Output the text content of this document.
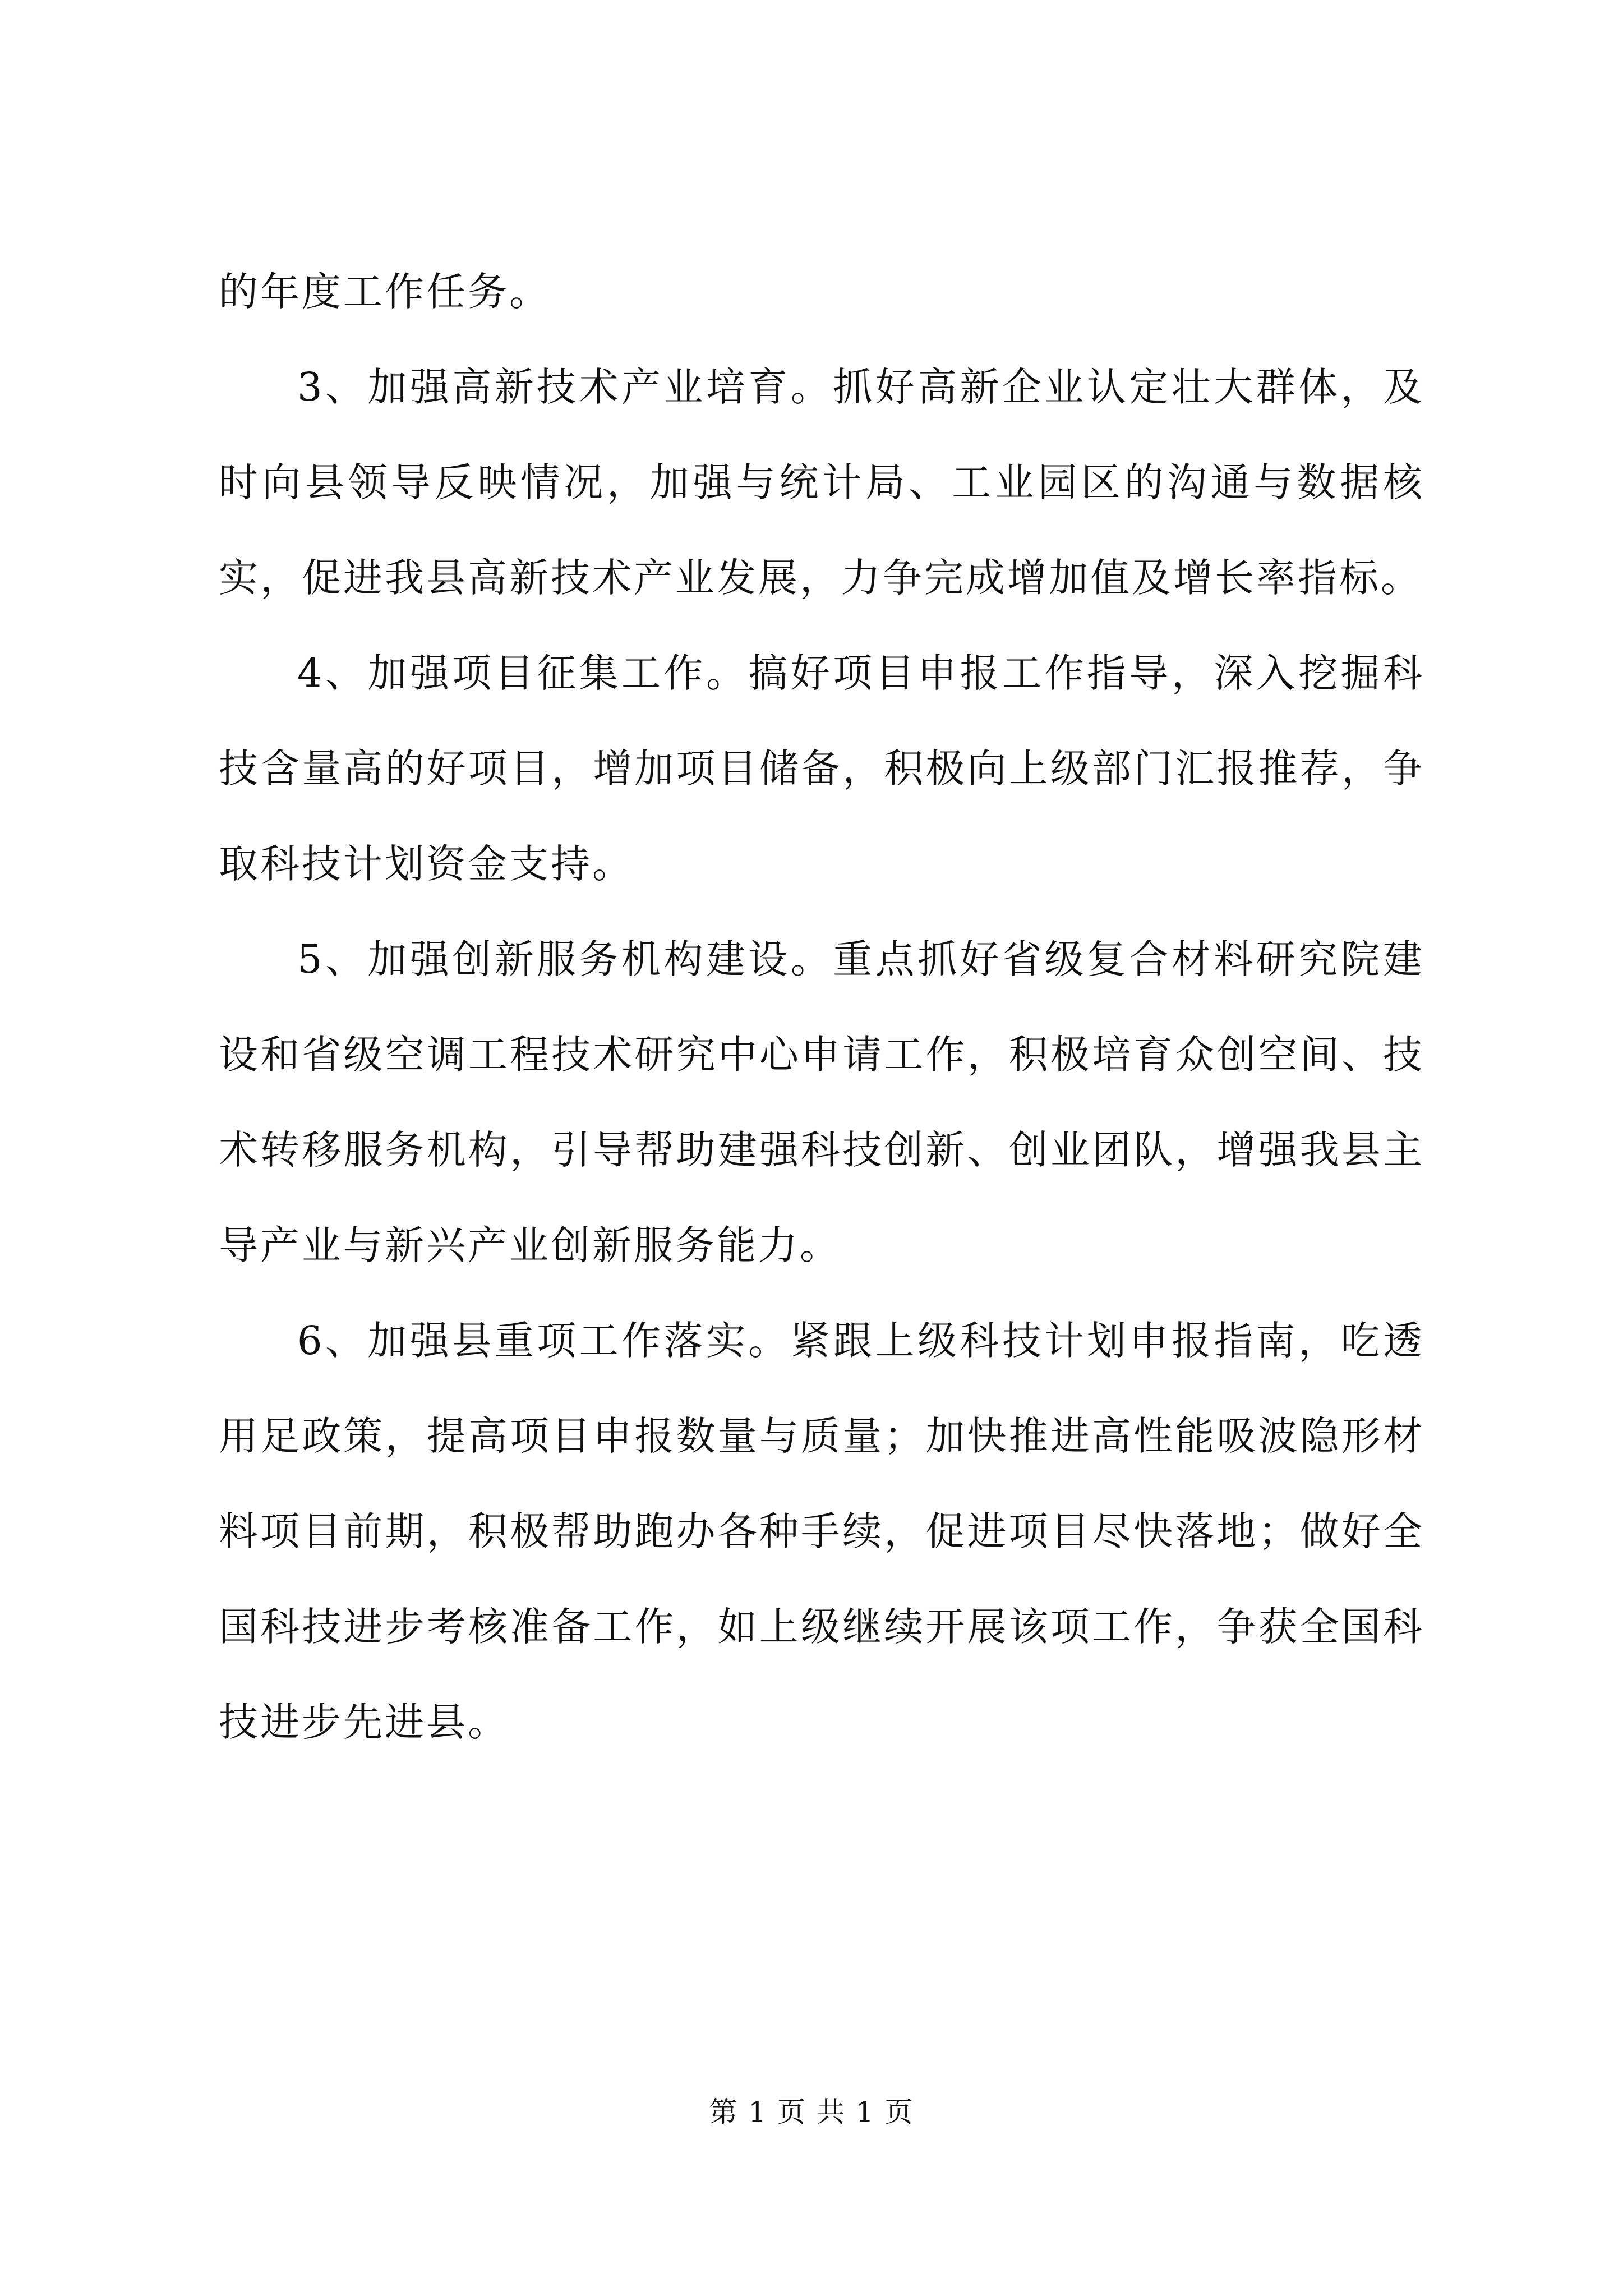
的年度工作任务。

3、加强高新技术产业培育。抓好高新企业认定壮大群体，及时向县领导反映情况，加强与统计局、工业园区的沟通与数据核实，促进我县高新技术产业发展，力争完成增加值及增长率指标。

4、加强项目征集工作。搞好项目申报工作指导，深入挖掘科技含量高的好项目，增加项目储备，积极向上级部门汇报推荐，争取科技计划资金支持。

5、加强创新服务机构建设。重点抓好省级复合材料研究院建设和省级空调工程技术研究中心申请工作，积极培育众创空间、技术转移服务机构，引导帮助建强科技创新、创业团队，增强我县主导产业与新兴产业创新服务能力。

6、加强县重项工作落实。紧跟上级科技计划申报指南，吃透用足政策，提高项目申报数量与质量；加快推进高性能吸波隐形材料项目前期，积极帮助跑办各种手续，促进项目尽快落地；做好全国科技进步考核准备工作，如上级继续开展该项工作，争获全国科技进步先进县。

第 1 页 共 1 页
